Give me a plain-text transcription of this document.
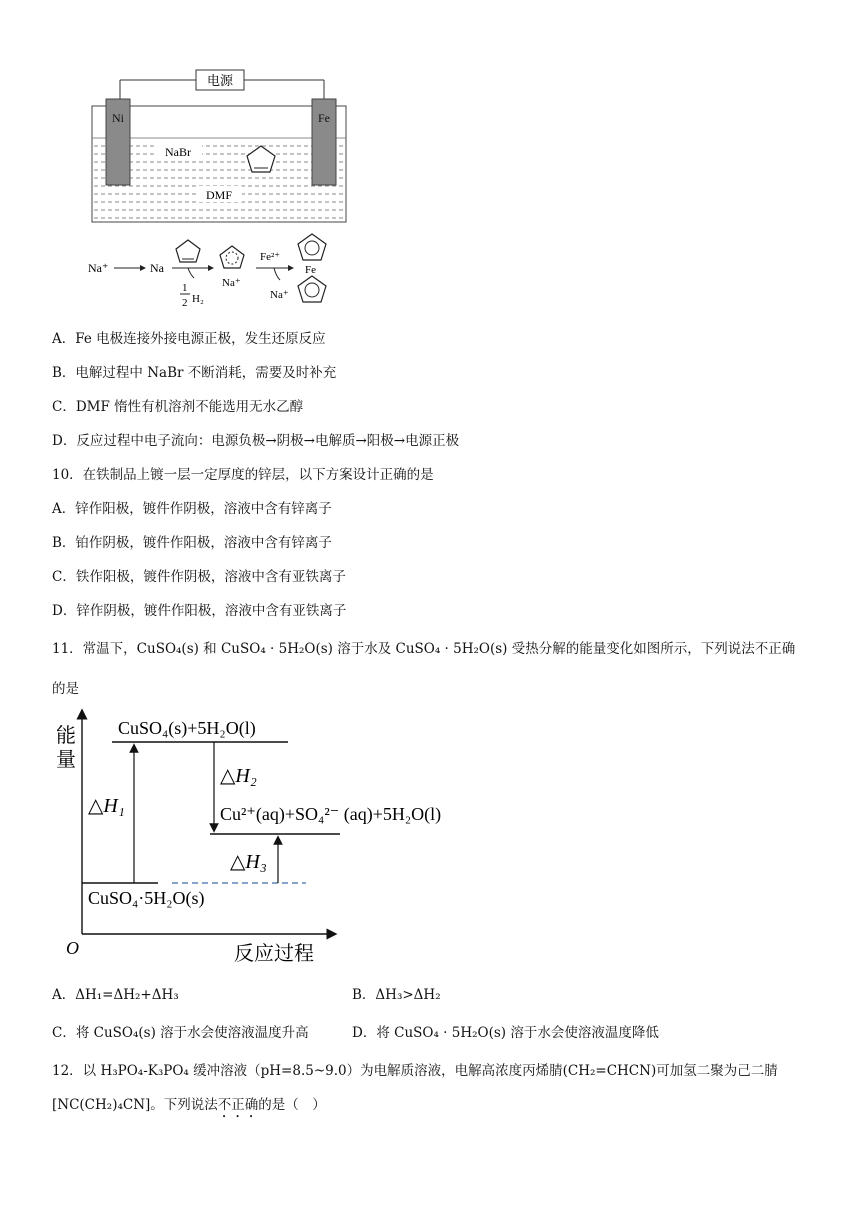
电源
Ni	Fe
NaBr
DMF
Na⁺	Na
1
2 H₂
Na⁺
Fe²⁺
Na⁺
Fe
A．Fe 电极连接外接电源正极，发生还原反应
B．电解过程中 NaBr 不断消耗，需要及时补充
C．DMF 惰性有机溶剂不能选用无水乙醇
D．反应过程中电子流向：电源负极→阴极→电解质→阳极→电源正极
10．在铁制品上镀一层一定厚度的锌层，以下方案设计正确的是
A．锌作阳极，镀件作阴极，溶液中含有锌离子
B．铂作阴极，镀件作阳极，溶液中含有锌离子
C．铁作阳极，镀件作阴极，溶液中含有亚铁离子
D．锌作阴极，镀件作阳极，溶液中含有亚铁离子
11．常温下，CuSO₄(s) 和 CuSO₄ · 5H₂O(s) 溶于水及 CuSO₄ · 5H₂O(s) 受热分解的能量变化如图所示，下列说法不正确
的是
能
量
O	反应过程
CuSO₄(s)+5H₂O(l)
Cu²⁺(aq)+SO₄²⁻ (aq)+5H₂O(l)
CuSO₄·5H₂O(s)
△H₁
△H₂
△H₃
A．ΔH₁=ΔH₂+ΔH₃	B．ΔH₃>ΔH₂
C．将 CuSO₄(s) 溶于水会使溶液温度升高	D．将 CuSO₄ · 5H₂O(s) 溶于水会使溶液温度降低
12．以 H₃PO₄-K₃PO₄ 缓冲溶液（pH=8.5~9.0）为电解质溶液，电解高浓度丙烯腈(CH₂=CHCN)可加氢二聚为己二腈
[NC(CH₂)₄CN]。下列说法不正确的是（　）
